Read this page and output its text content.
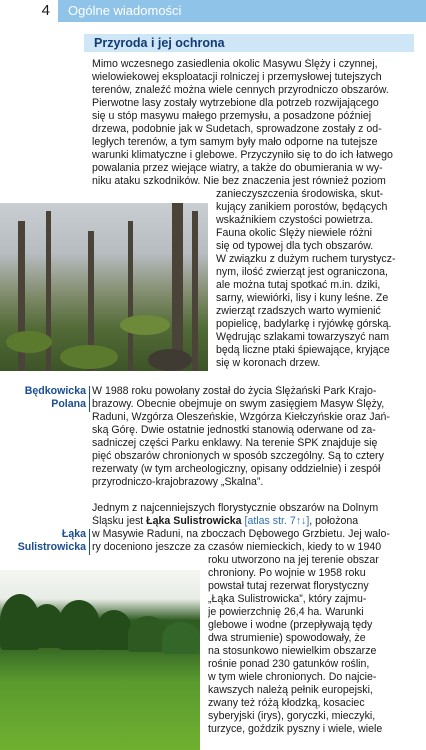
4	Ogólne wiadomości
Przyroda i jej ochrona
Mimo wczesnego zasiedlenia okolic Masywu Ślęży i czynnej,
wielowiekowej eksploatacji rolniczej i przemysłowej tutejszych
terenów, znaleźć można wiele cennych przyrodniczo obszarów.
Pierwotne lasy zostały wytrzebione dla potrzeb rozwijającego
się u stóp masywu małego przemysłu, a posadzone później
drzewa, podobnie jak w Sudetach, sprowadzone zostały z od-
ległych terenów, a tym samym były mało odporne na tutejsze
warunki klimatyczne i glebowe. Przyczyniło się to do ich łatwego
powalania przez wiejące wiatry, a także do obumierania w wy-
niku ataku szkodników. Nie bez znaczenia jest również poziom
zanieczyszczenia środowiska, skut-
kujący zanikiem porostów, będących
wskaźnikiem czystości powietrza.
Fauna okolic Ślęży niewiele różni
się od typowej dla tych obszarów.
W związku z dużym ruchem turystycz-
nym, ilość zwierząt jest ograniczona,
ale można tutaj spotkać m.in. dziki,
sarny, wiewiórki, lisy i kuny leśne. Ze
zwierząt rzadszych warto wymienić
popielicę, badylarkę i ryjówkę górską.
Wędrując szlakami towarzyszyć nam
będą liczne ptaki śpiewające, kryjące
się w koronach drzew.
Będkowicka
Polana
W 1988 roku powołany został do życia Ślężański Park Krajo-
brazowy. Obecnie obejmuje on swym zasięgiem Masyw Ślęży,
Raduni, Wzgórza Oleszeńskie, Wzgórza Kiełczyńskie oraz Jań-
ską Górę. Dwie ostatnie jednostki stanowią oderwane od za-
sadniczej części Parku enklawy. Na terenie ŚPK znajduje się
pięć obszarów chronionych w sposób szczególny. Są to cztery
rezerwaty (w tym archeologiczny, opisany oddzielnie) i zespół
przyrodniczo-krajobrazowy „Skalna”.
Łąka
Sulistrowicka
Jednym z najcenniejszych florystycznie obszarów na Dolnym
Śląsku jest Łąka Sulistrowicka [atlas str. 7↑↓], położona
w Masywie Raduni, na zboczach Dębowego Grzbietu. Jej walo-
ry doceniono jeszcze za czasów niemieckich, kiedy to w 1940
roku utworzono na jej terenie obszar
chroniony. Po wojnie w 1958 roku
powstał tutaj rezerwat florystyczny
„Łąka Sulistrowicka”, który zajmu-
je powierzchnię 26,4 ha. Warunki
glebowe i wodne (przepływają tędy
dwa strumienie) spowodowały, że
na stosunkowo niewielkim obszarze
rośnie ponad 230 gatunków roślin,
w tym wiele chronionych. Do najcie-
kawszych należą pełnik europejski,
zwany też różą kłodzką, kosaciec
syberyjski (irys), goryczki, mieczyki,
turzyce, goździk pyszny i wiele, wiele
